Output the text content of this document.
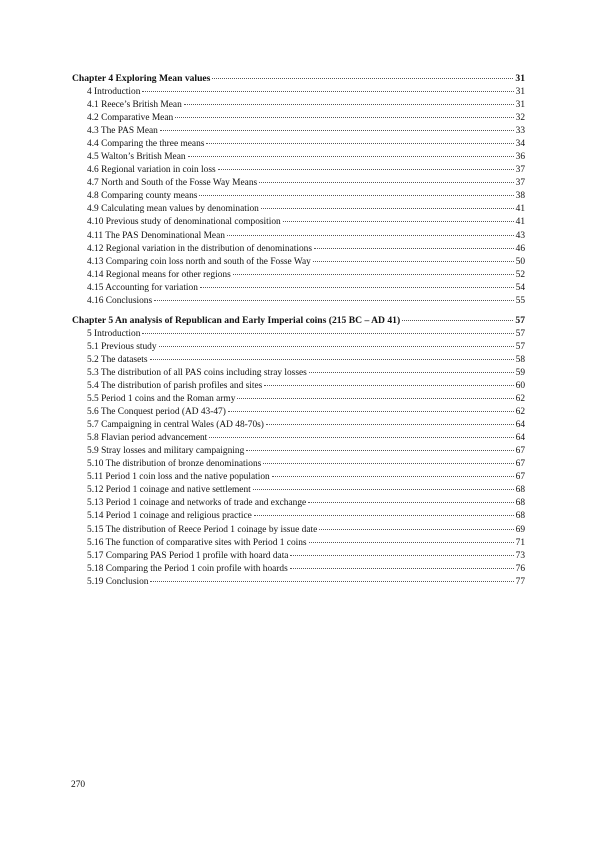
Chapter 4 Exploring Mean values	31
4 Introduction	31
4.1 Reece’s British Mean	31
4.2 Comparative Mean	32
4.3 The PAS Mean	33
4.4 Comparing the three means	34
4.5 Walton’s British Mean	36
4.6 Regional variation in coin loss	37
4.7 North and South of the Fosse Way Means	37
4.8 Comparing county means	38
4.9 Calculating mean values by denomination	41
4.10 Previous study of denominational composition	41
4.11 The PAS Denominational Mean	43
4.12 Regional variation in the distribution of denominations	46
4.13 Comparing coin loss north and south of the Fosse Way	50
4.14 Regional means for other regions	52
4.15 Accounting for variation	54
4.16 Conclusions	55
Chapter 5 An analysis of Republican and Early Imperial coins (215 BC – AD 41)	57
5 Introduction	57
5.1 Previous study	57
5.2 The datasets	58
5.3 The distribution of all PAS coins including stray losses	59
5.4 The distribution of parish profiles and sites	60
5.5 Period 1 coins and the Roman army	62
5.6 The Conquest period (AD 43-47)	62
5.7 Campaigning in central Wales (AD 48-70s)	64
5.8 Flavian period advancement	64
5.9 Stray losses and military campaigning	67
5.10 The distribution of bronze denominations	67
5.11 Period 1 coin loss and the native population	67
5.12 Period 1 coinage and native settlement	68
5.13 Period 1 coinage and networks of trade and exchange	68
5.14 Period 1 coinage and religious practice	68
5.15 The distribution of Reece Period 1 coinage by issue date	69
5.16 The function of comparative sites with Period 1 coins	71
5.17 Comparing PAS Period 1 profile with hoard data	73
5.18 Comparing the Period 1 coin profile with hoards	76
5.19 Conclusion	77
270
